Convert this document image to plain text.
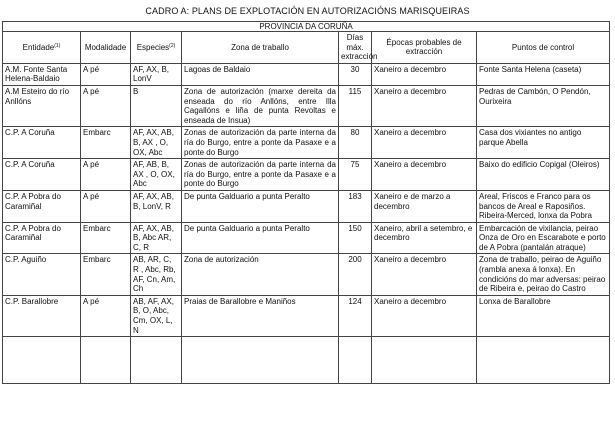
CADRO A: PLANS DE EXPLOTACIÓN EN AUTORIZACIÓNS MARISQUEIRAS
PROVINCIA DA CORUÑA						
Entidade$^{(1)}$	Modalidade	Especies$^{(2)}$	Zona de traballo	Días máx. extracción	Épocas probables de extracción	Puntos de control
A.M. Fonte Santa Helena-Baldaio	A pé	AF, AX, B, LonV	Lagoas de Baldaio	30	Xaneiro a decembro	Fonte Santa Helena (caseta)
A.M Esteiro do río Anllóns	A pé	B	Zona de autorización (marxe dereita da enseada do río Anllóns, entre Illa Cagallóns e liña de punta Revoltas e enseada de Insua)	115	Xaneiro a decembro	Pedras de Cambón, O Pendón, Ourixeira
C.P. A Coruña	Embarc	AF, AX, AB, B, AX , O, OX, Abc	Zonas de autorización da parte interna da ría do Burgo, entre a ponte da Pasaxe e a ponte do Burgo	80	Xaneiro a decembro	Casa dos vixiantes no antigo parque Abella
C.P. A Coruña	A pé	AF, AB, B, AX , O, OX, Abc	Zonas de autorización da parte interna da ría do Burgo, entre a ponte da Pasaxe e a ponte do Burgo	75	Xaneiro a decembro	Baixo do edificio Copigal (Oleiros)
C.P. A Pobra do Caramiñal	A pé	AF, AX, AB, B, LonV, R	De punta Galduario a punta Peralto	183	Xaneiro e de marzo a decembro	Areal, Friscos e Franco para os bancos de Areal e Raposiños. Ribeira-Merced, lonxa da Pobra
C.P. A Pobra do Caramiñal	Embarc	AF, AX, AB, B, Abc AR, C, R	De punta Galduario a punta Peralto	150	Xaneiro, abril a setembro, e decembro	Embarcación de vixilancia, peirao Onza de Oro en Escarabote e porto de A Pobra (pantalán atraque)
C.P. Aguiño	Embarc	AB, AR, C, R , Abc, Rb, AF, Cn, Am, Ch	Zona de autorización	200	Xaneiro a decembro	Zona de traballo, peirao de Aguiño (rambla anexa á lonxa). En condicións do mar adversas: peirao de Ribeira e, peirao do Castro
C.P. Barallobre	A pé	AB, AF, AX, B, O, Abc, Cm, OX, L, N	Praias de Barallobre e Maniños	124	Xaneiro a decembro	Lonxa de Barallobre
